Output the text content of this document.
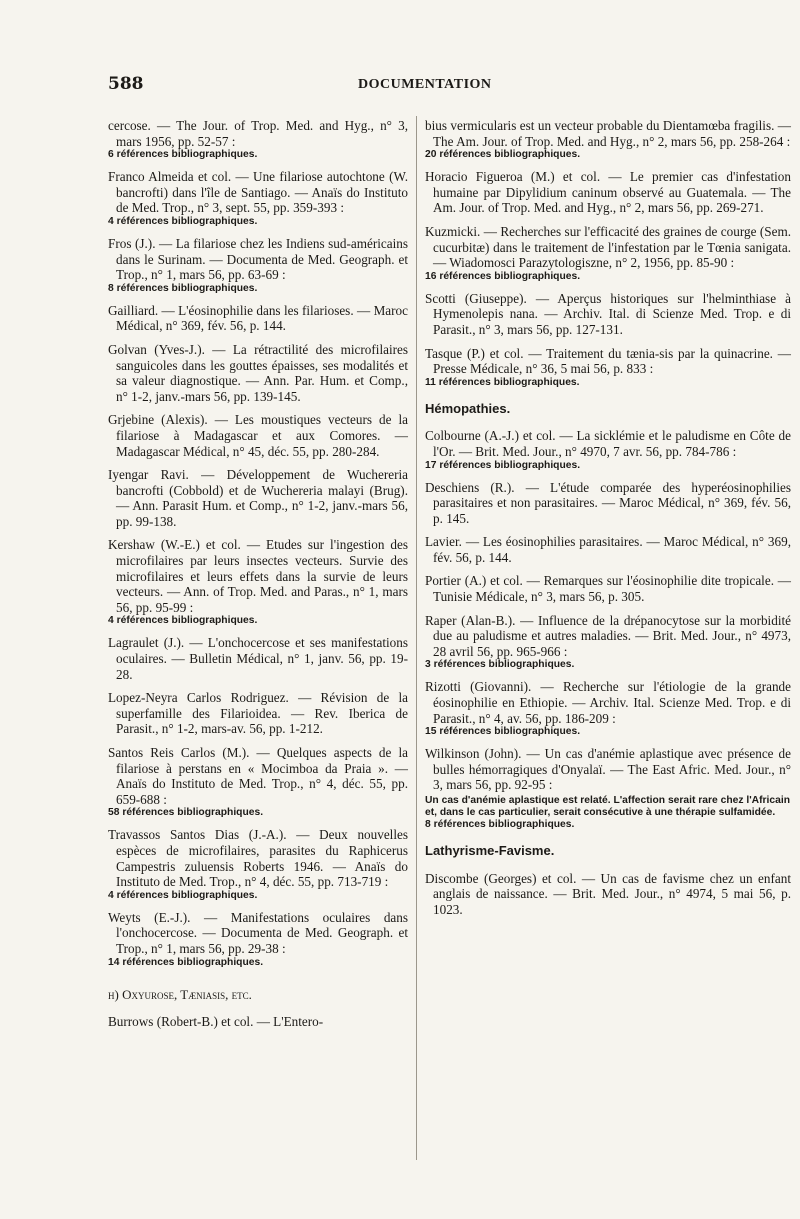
588	DOCUMENTATION
cercose. — The Jour. of Trop. Med. and Hyg., n° 3, mars 1956, pp. 52-57 :
6 références bibliographiques.
Franco Almeida et col. — Une filariose autochtone (W. bancrofti) dans l'île de Santiago. — Anaïs do Instituto de Med. Trop., n° 3, sept. 55, pp. 359-393 :
4 références bibliographiques.
Fros (J.). — La filariose chez les Indiens sud-américains dans le Surinam. — Documenta de Med. Geograph. et Trop., n° 1, mars 56, pp. 63-69 :
8 références bibliographiques.
Gailliard. — L'éosinophilie dans les filarioses. — Maroc Médical, n° 369, fév. 56, p. 144.
Golvan (Yves-J.). — La rétractilité des microfilaires sanguicoles dans les gouttes épaisses, ses modalités et sa valeur diagnostique. — Ann. Par. Hum. et Comp., n° 1-2, janv.-mars 56, pp. 139-145.
Grjebine (Alexis). — Les moustiques vecteurs de la filariose à Madagascar et aux Comores. — Madagascar Médical, n° 45, déc. 55, pp. 280-284.
Iyengar Ravi. — Développement de Wuchereria bancrofti (Cobbold) et de Wuchereria malayi (Brug). — Ann. Parasit Hum. et Comp., n° 1-2, janv.-mars 56, pp. 99-138.
Kershaw (W.-E.) et col. — Etudes sur l'ingestion des microfilaires par leurs insectes vecteurs. Survie des microfilaires et leurs effets dans la survie de leurs vecteurs. — Ann. of Trop. Med. and Paras., n° 1, mars 56, pp. 95-99 :
4 références bibliographiques.
Lagraulet (J.). — L'onchocercose et ses manifestations oculaires. — Bulletin Médical, n° 1, janv. 56, pp. 19-28.
Lopez-Neyra Carlos Rodriguez. — Révision de la superfamille des Filarioidea. — Rev. Iberica de Parasit., n° 1-2, mars-av. 56, pp. 1-212.
Santos Reis Carlos (M.). — Quelques aspects de la filariose à perstans en « Mocimboa da Praia ». — Anaïs do Instituto de Med. Trop., n° 4, déc. 55, pp. 659-688 :
58 références bibliographiques.
Travassos Santos Dias (J.-A.). — Deux nouvelles espèces de microfilaires, parasites du Raphicerus Campestris zuluensis Roberts 1946. — Anaïs do Instituto de Med. Trop., n° 4, déc. 55, pp. 713-719 :
4 références bibliographiques.
Weyts (E.-J.). — Manifestations oculaires dans l'onchocercose. — Documenta de Med. Geograph. et Trop., n° 1, mars 56, pp. 29-38 :
14 références bibliographiques.
h) Oxyurose, Tæniasis, etc.
Burrows (Robert-B.) et col. — L'Entero-
bius vermicularis est un vecteur probable du Dientamœba fragilis. — The Am. Jour. of Trop. Med. and Hyg., n° 2, mars 56, pp. 258-264 :
20 références bibliographiques.
Horacio Figueroa (M.) et col. — Le premier cas d'infestation humaine par Dipylidium caninum observé au Guatemala. — The Am. Jour. of Trop. Med. and Hyg., n° 2, mars 56, pp. 269-271.
Kuzmicki. — Recherches sur l'efficacité des graines de courge (Sem. cucurbitæ) dans le traitement de l'infestation par le Tœnia sanigata. — Wiadomosci Parazytologiszne, n° 2, 1956, pp. 85-90 :
16 références bibliographiques.
Scotti (Giuseppe). — Aperçus historiques sur l'helminthiase à Hymenolepis nana. — Archiv. Ital. di Scienze Med. Trop. e di Parasit., n° 3, mars 56, pp. 127-131.
Tasque (P.) et col. — Traitement du tænia-sis par la quinacrine. — Presse Médicale, n° 36, 5 mai 56, p. 833 :
11 références bibliographiques.
Hémopathies.
Colbourne (A.-J.) et col. — La sicklémie et le paludisme en Côte de l'Or. — Brit. Med. Jour., n° 4970, 7 avr. 56, pp. 784-786 :
17 références bibliographiques.
Deschiens (R.). — L'étude comparée des hyperéosinophilies parasitaires et non parasitaires. — Maroc Médical, n° 369, fév. 56, p. 145.
Lavier. — Les éosinophilies parasitaires. — Maroc Médical, n° 369, fév. 56, p. 144.
Portier (A.) et col. — Remarques sur l'éosinophilie dite tropicale. — Tunisie Médicale, n° 3, mars 56, p. 305.
Raper (Alan-B.). — Influence de la drépanocytose sur la morbidité due au paludisme et autres maladies. — Brit. Med. Jour., n° 4973, 28 avril 56, pp. 965-966 :
3 références bibliographiques.
Rizotti (Giovanni). — Recherche sur l'étiologie de la grande éosinophilie en Ethiopie. — Archiv. Ital. Scienze Med. Trop. e di Parasit., n° 4, av. 56, pp. 186-209 :
15 références bibliographiques.
Wilkinson (John). — Un cas d'anémie aplastique avec présence de bulles hémorragiques d'Onyalaï. — The East Afric. Med. Jour., n° 3, mars 56, pp. 92-95 :
Un cas d'anémie aplastique est relaté. L'affection serait rare chez l'Africain et, dans le cas particulier, serait consécutive à une thérapie sulfamidée.
8 références bibliographiques.
Lathyrisme-Favisme.
Discombe (Georges) et col. — Un cas de favisme chez un enfant anglais de naissance. — Brit. Med. Jour., n° 4974, 5 mai 56, p. 1023.
